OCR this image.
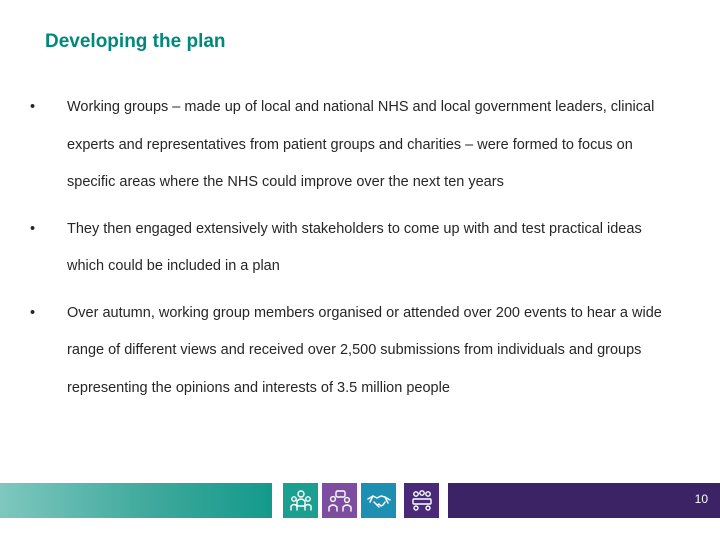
Developing the plan
•	Working groups – made up of local and national NHS and local government leaders, clinical experts and representatives from patient groups and charities – were formed to focus on specific areas where the NHS could improve over the next ten years
•	They then engaged extensively with stakeholders to come up with and test practical ideas which could be included in a plan
•	Over autumn, working group members organised or attended over 200 events to hear a wide range of different views and received over 2,500 submissions from individuals and groups representing the opinions and interests of 3.5 million people
10
